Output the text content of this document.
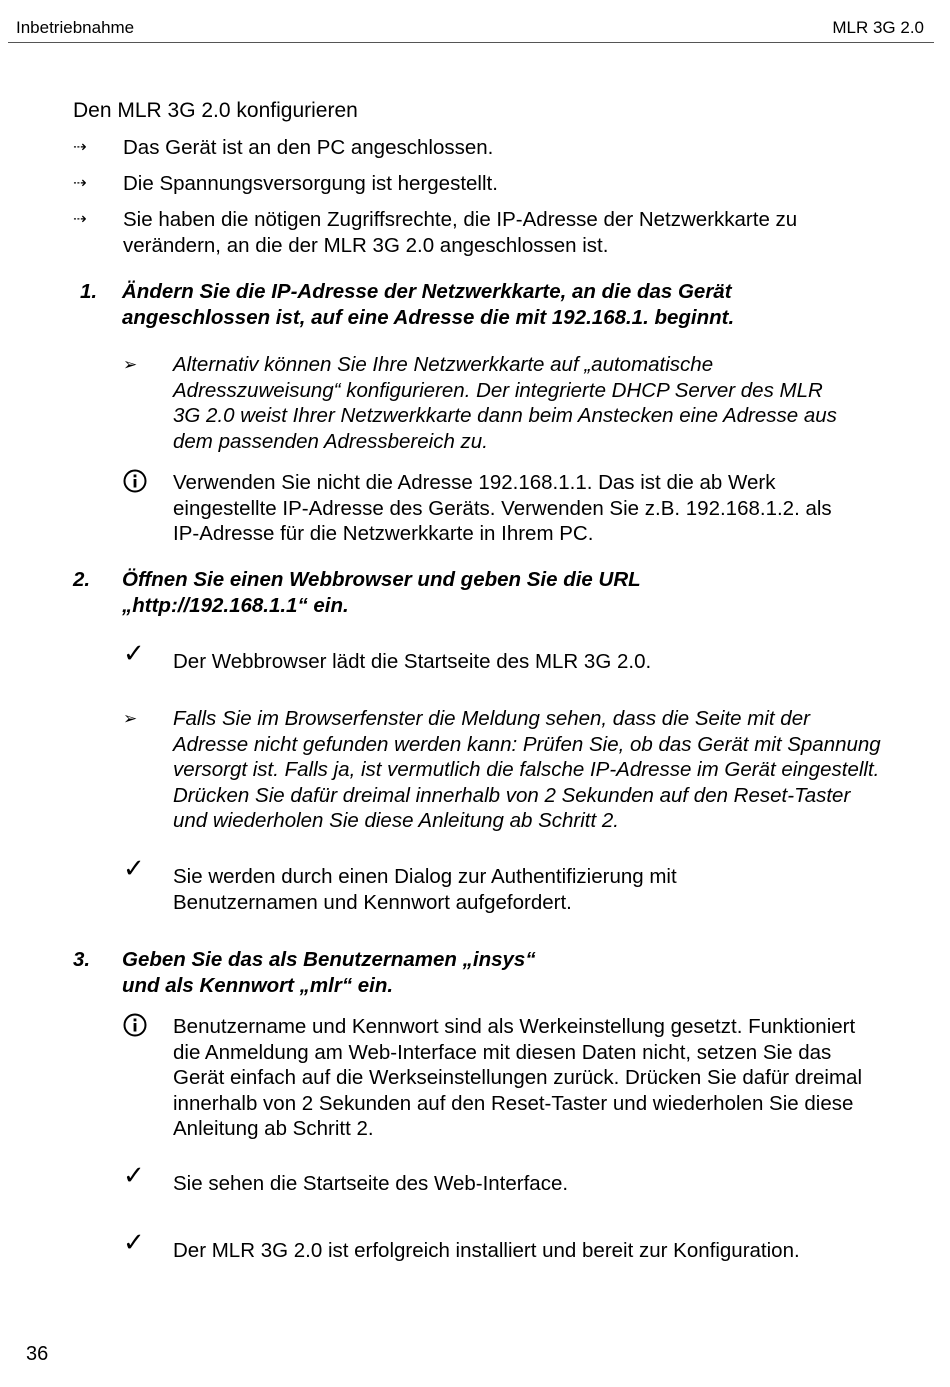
Inbetriebnahme	MLR 3G 2.0
Den MLR 3G 2.0 konfigurieren
⇢ Das Gerät ist an den PC angeschlossen.
⇢ Die Spannungsversorgung ist hergestellt.
⇢ Sie haben die nötigen Zugriffsrechte, die IP-Adresse der Netzwerkkarte zu verändern, an die der MLR 3G 2.0 angeschlossen ist.
1. Ändern Sie die IP-Adresse der Netzwerkkarte, an die das Gerät angeschlossen ist, auf eine Adresse die mit 192.168.1. beginnt.
➢ Alternativ können Sie Ihre Netzwerkkarte auf „automatische Adresszuweisung“ konfigurieren. Der integrierte DHCP Server des MLR 3G 2.0 weist Ihrer Netzwerkkarte dann beim Anstecken eine Adresse aus dem passenden Adressbereich zu.
Verwenden Sie nicht die Adresse 192.168.1.1. Das ist die ab Werk eingestellte IP-Adresse des Geräts. Verwenden Sie z.B. 192.168.1.2. als IP-Adresse für die Netzwerkkarte in Ihrem PC.
2. Öffnen Sie einen Webbrowser und geben Sie die URL „http://192.168.1.1“ ein.
✓ Der Webbrowser lädt die Startseite des MLR 3G 2.0.
➢ Falls Sie im Browserfenster die Meldung sehen, dass die Seite mit der Adresse nicht gefunden werden kann: Prüfen Sie, ob das Gerät mit Spannung versorgt ist. Falls ja, ist vermutlich die falsche IP-Adresse im Gerät eingestellt. Drücken Sie dafür dreimal innerhalb von 2 Sekunden auf den Reset-Taster und wiederholen Sie diese Anleitung ab Schritt 2.
✓ Sie werden durch einen Dialog zur Authentifizierung mit Benutzernamen und Kennwort aufgefordert.
3. Geben Sie das als Benutzernamen „insys“
und als Kennwort „mlr“ ein.
Benutzername und Kennwort sind als Werkeinstellung gesetzt. Funktioniert die Anmeldung am Web-Interface mit diesen Daten nicht, setzen Sie das Gerät einfach auf die Werkseinstellungen zurück. Drücken Sie dafür dreimal innerhalb von 2 Sekunden auf den Reset-Taster und wiederholen Sie diese Anleitung ab Schritt 2.
✓ Sie sehen die Startseite des Web-Interface.
✓ Der MLR 3G 2.0 ist erfolgreich installiert und bereit zur Konfiguration.
36
